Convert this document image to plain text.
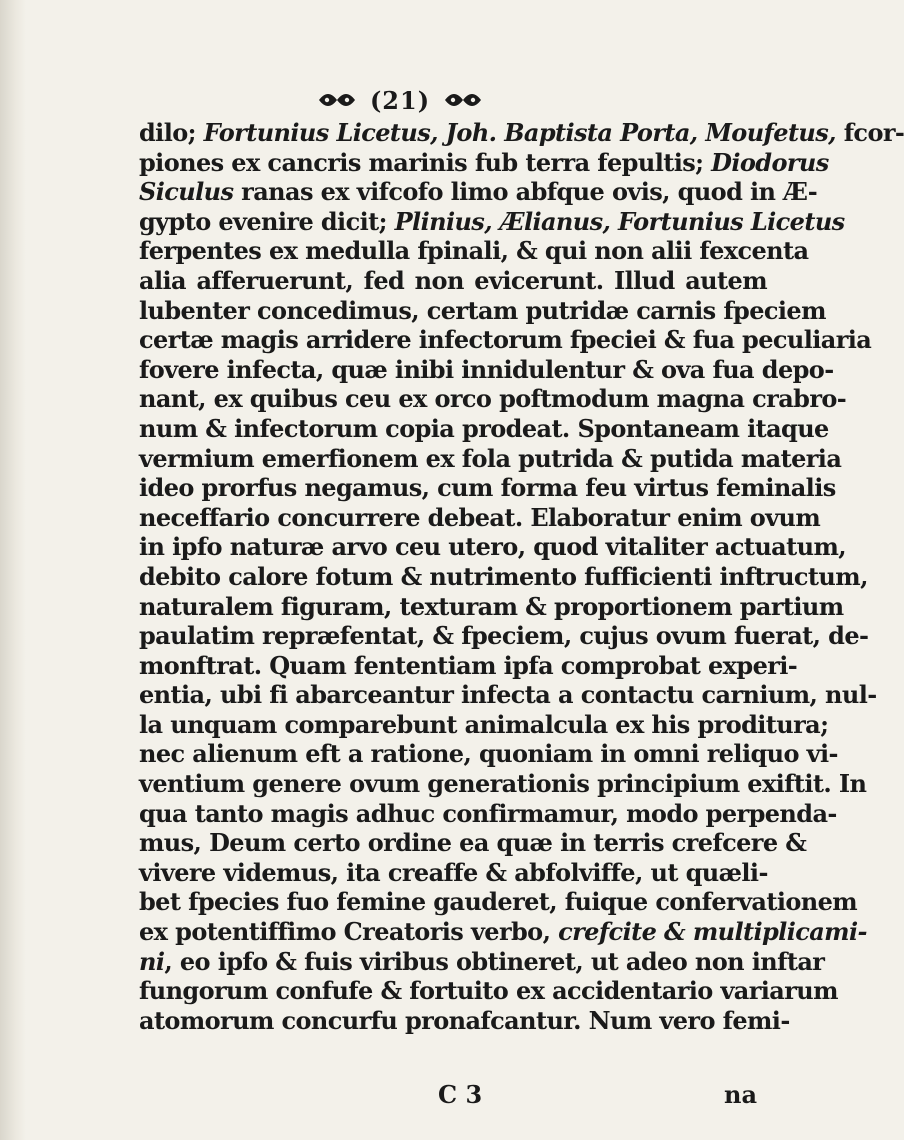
(21)
dilo; Fortunius Licetus, Joh. Baptista Porta, Moufetus, fcor-
piones ex cancris marinis fub terra fepultis; Diodorus
Siculus ranas ex vifcofo limo abfque ovis, quod in Æ-
gypto evenire dicit; Plinius, Ælianus, Fortunius Licetus
ferpentes ex medulla fpinali, & qui non alii fexcenta
alia afferuerunt, fed non evicerunt. Illud autem
lubenter concedimus, certam putridæ carnis fpeciem
certæ magis arridere infectorum fpeciei & fua peculiaria
fovere infecta, quæ inibi innidulentur & ova fua depo-
nant, ex quibus ceu ex orco poftmodum magna crabro-
num & infectorum copia prodeat. Spontaneam itaque
vermium emerfionem ex fola putrida & putida materia
ideo prorfus negamus, cum forma feu virtus feminalis
neceffario concurrere debeat. Elaboratur enim ovum
in ipfo naturæ arvo ceu utero, quod vitaliter actuatum,
debito calore fotum & nutrimento fufficienti inftructum,
naturalem figuram, texturam & proportionem partium
paulatim repræfentat, & fpeciem, cujus ovum fuerat, de-
monftrat. Quam fententiam ipfa comprobat experi-
entia, ubi fi abarceantur infecta a contactu carnium, nul-
la unquam comparebunt animalcula ex his proditura;
nec alienum eft a ratione, quoniam in omni reliquo vi-
ventium genere ovum generationis principium exiftit. In
qua tanto magis adhuc confirmamur, modo perpenda-
mus, Deum certo ordine ea quæ in terris crefcere &
vivere videmus, ita creaffe & abfolviffe, ut quæli-
bet fpecies fuo femine gauderet, fuique confervationem
ex potentiffimo Creatoris verbo, crefcite & multiplicami-
ni, eo ipfo & fuis viribus obtineret, ut adeo non inftar
fungorum confufe & fortuito ex accidentario variarum
atomorum concurfu pronafcantur. Num vero femi-
C 3	na
